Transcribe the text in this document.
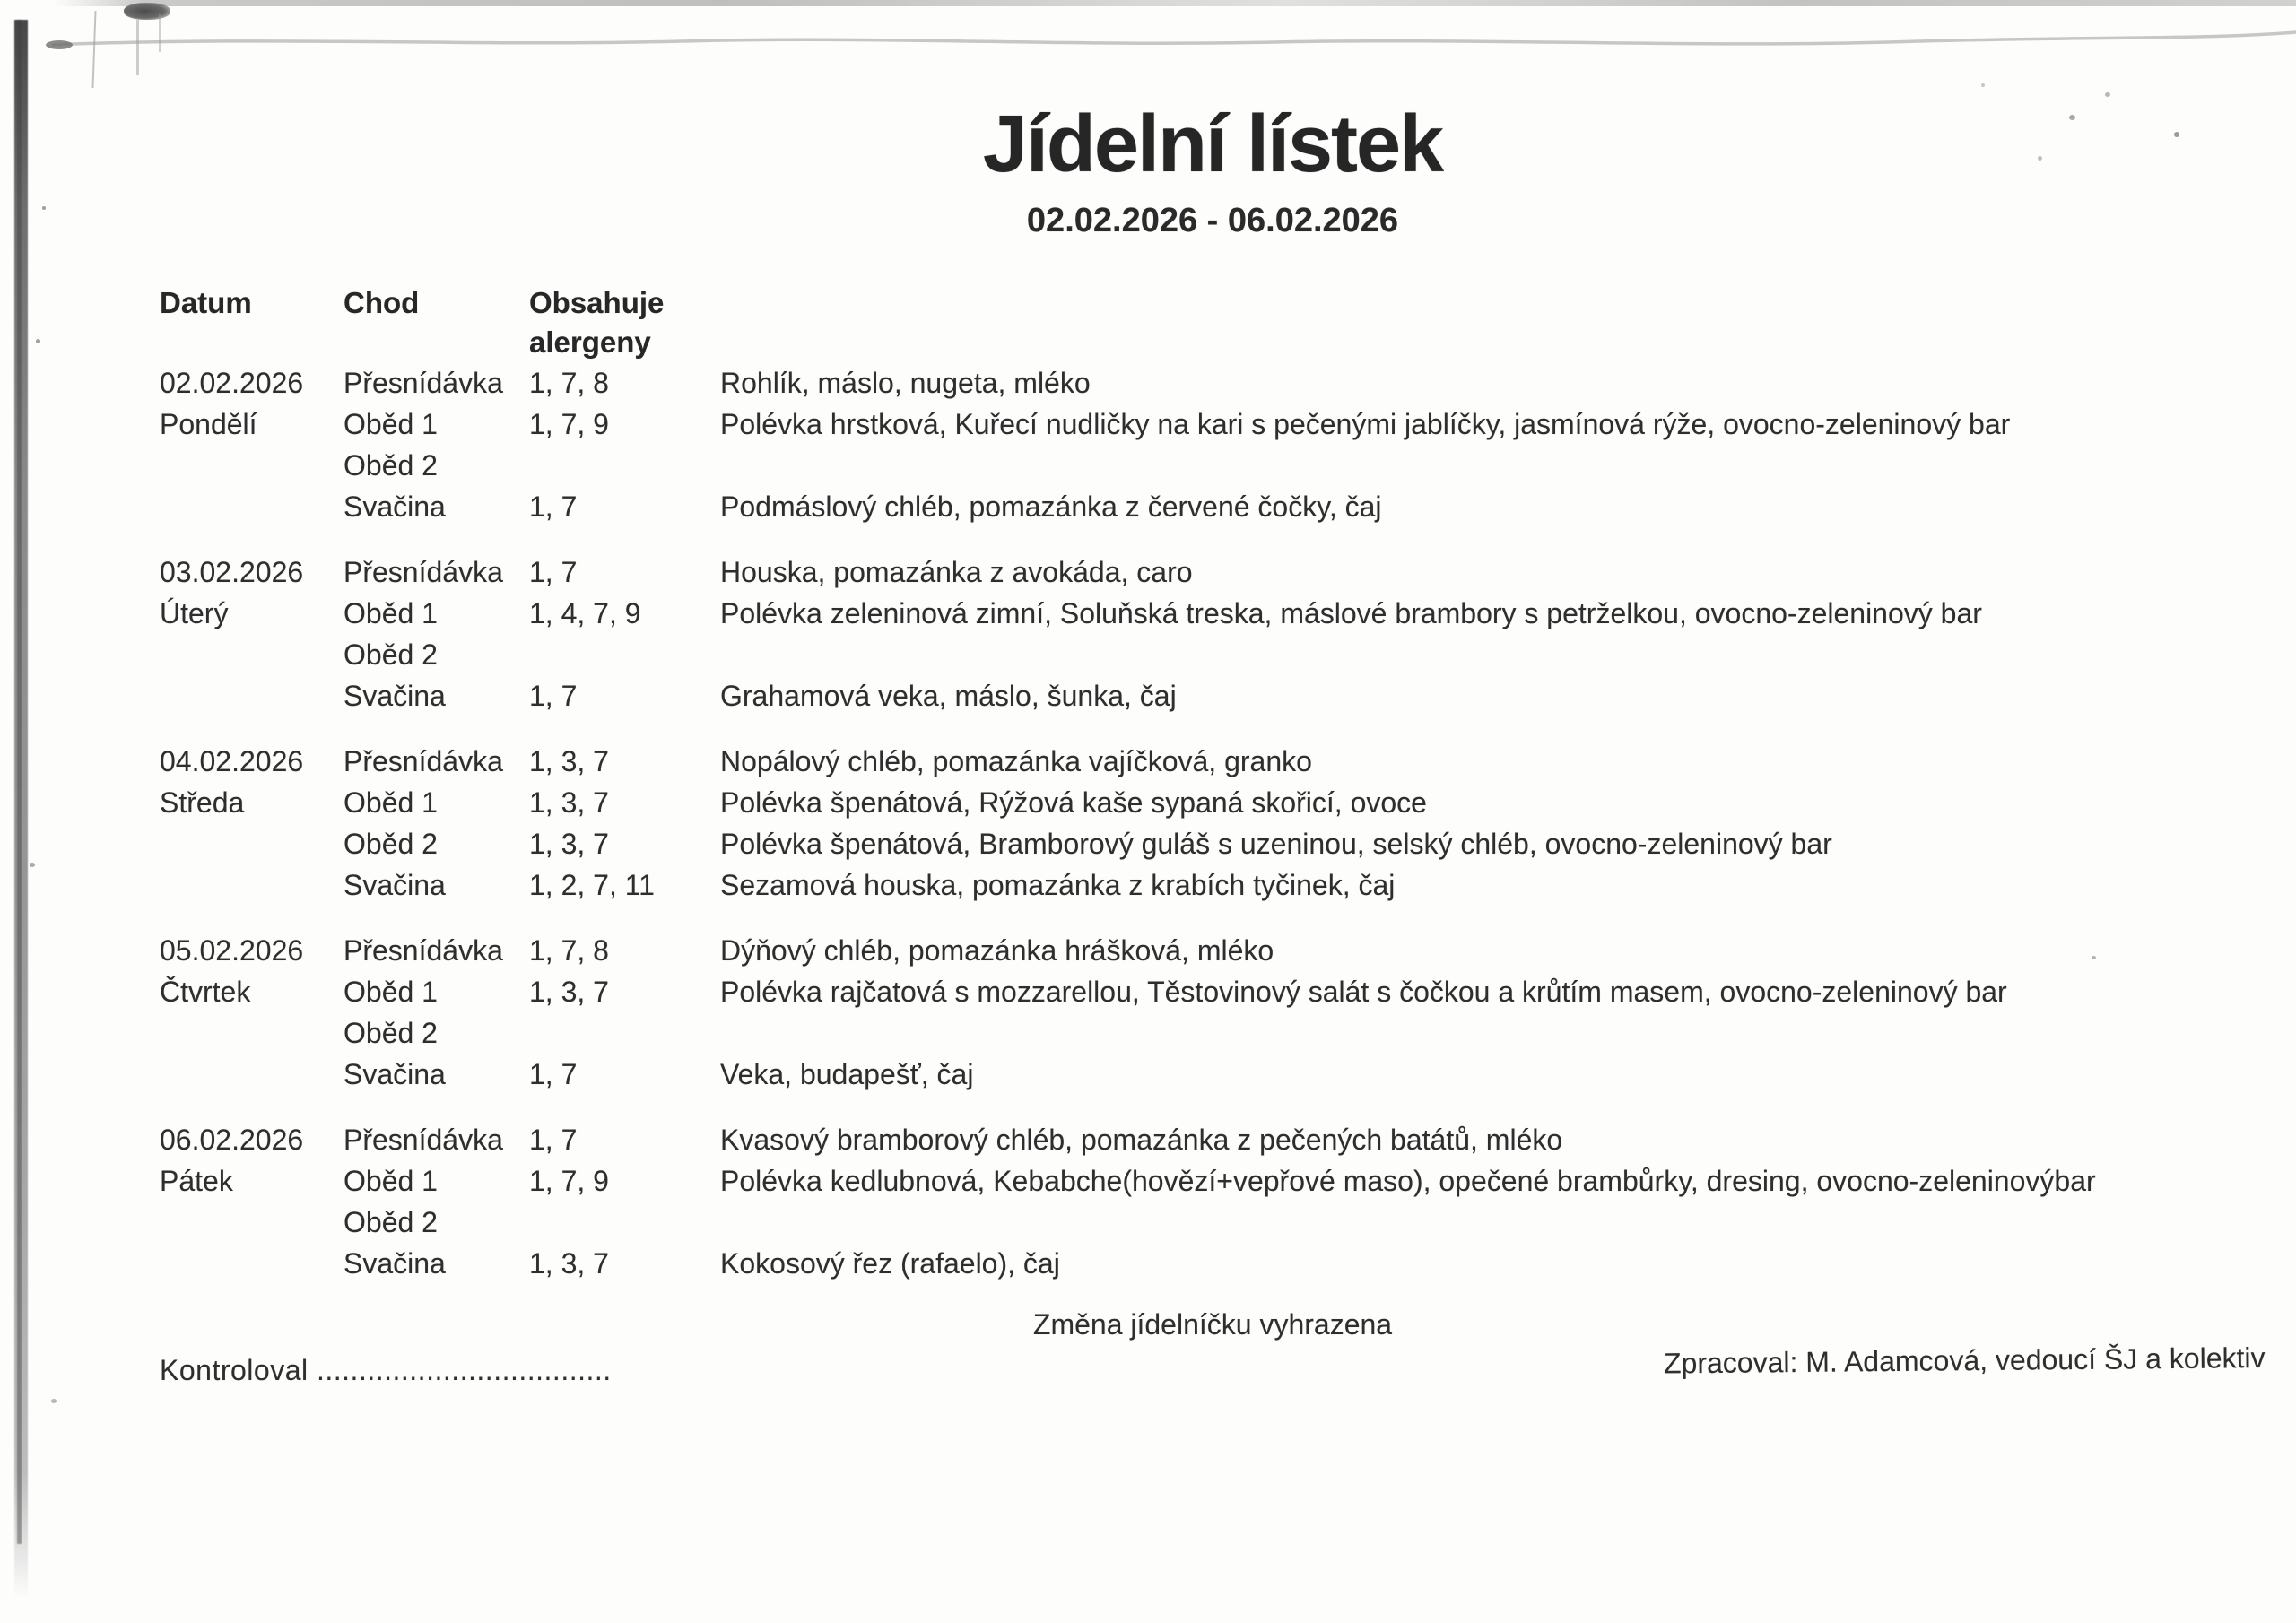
Jídelní lístek
02.02.2026 - 06.02.2026
Datum	Chod	Obsahuje
alergeny
02.02.2026	Přesnídávka 1, 7, 8	Rohlík, máslo, nugeta, mléko
Pondělí	Oběd 1	1, 7, 9	Polévka hrstková, Kuřecí nudličky na kari s pečenými jablíčky, jasmínová rýže, ovocno-zeleninový bar
Oběd 2
Svačina	1, 7	Podmáslový chléb, pomazánka z červené čočky, čaj
03.02.2026	Přesnídávka 1, 7	Houska, pomazánka z avokáda, caro
Úterý	Oběd 1	1, 4, 7, 9	Polévka zeleninová zimní, Soluňská treska, máslové brambory s petrželkou, ovocno-zeleninový bar
Oběd 2
Svačina	1, 7	Grahamová veka, máslo, šunka, čaj
04.02.2026	Přesnídávka 1, 3, 7	Nopálový chléb, pomazánka vajíčková, granko
Středa	Oběd 1	1, 3, 7	Polévka špenátová, Rýžová kaše sypaná skořicí, ovoce
Oběd 2	1, 3, 7	Polévka špenátová, Bramborový guláš s uzeninou, selský chléb, ovocno-zeleninový bar
Svačina	1, 2, 7, 11	Sezamová houska, pomazánka z krabích tyčinek, čaj
05.02.2026	Přesnídávka 1, 7, 8	Dýňový chléb, pomazánka hrášková, mléko
Čtvrtek	Oběd 1	1, 3, 7	Polévka rajčatová s mozzarellou, Těstovinový salát s čočkou a krůtím masem, ovocno-zeleninový bar
Oběd 2
Svačina	1, 7	Veka, budapešť, čaj
06.02.2026	Přesnídávka 1, 7	Kvasový bramborový chléb, pomazánka z pečených batátů, mléko
Pátek	Oběd 1	1, 7, 9	Polévka kedlubnová, Kebabche(hovězí+vepřové maso), opečené brambůrky, dresing, ovocno-zeleninovýbar
Oběd 2
Svačina	1, 3, 7	Kokosový řez (rafaelo), čaj
Změna jídelníčku vyhrazena
Kontroloval ...................................	Zpracoval: M. Adamcová, vedoucí ŠJ a kolektiv
